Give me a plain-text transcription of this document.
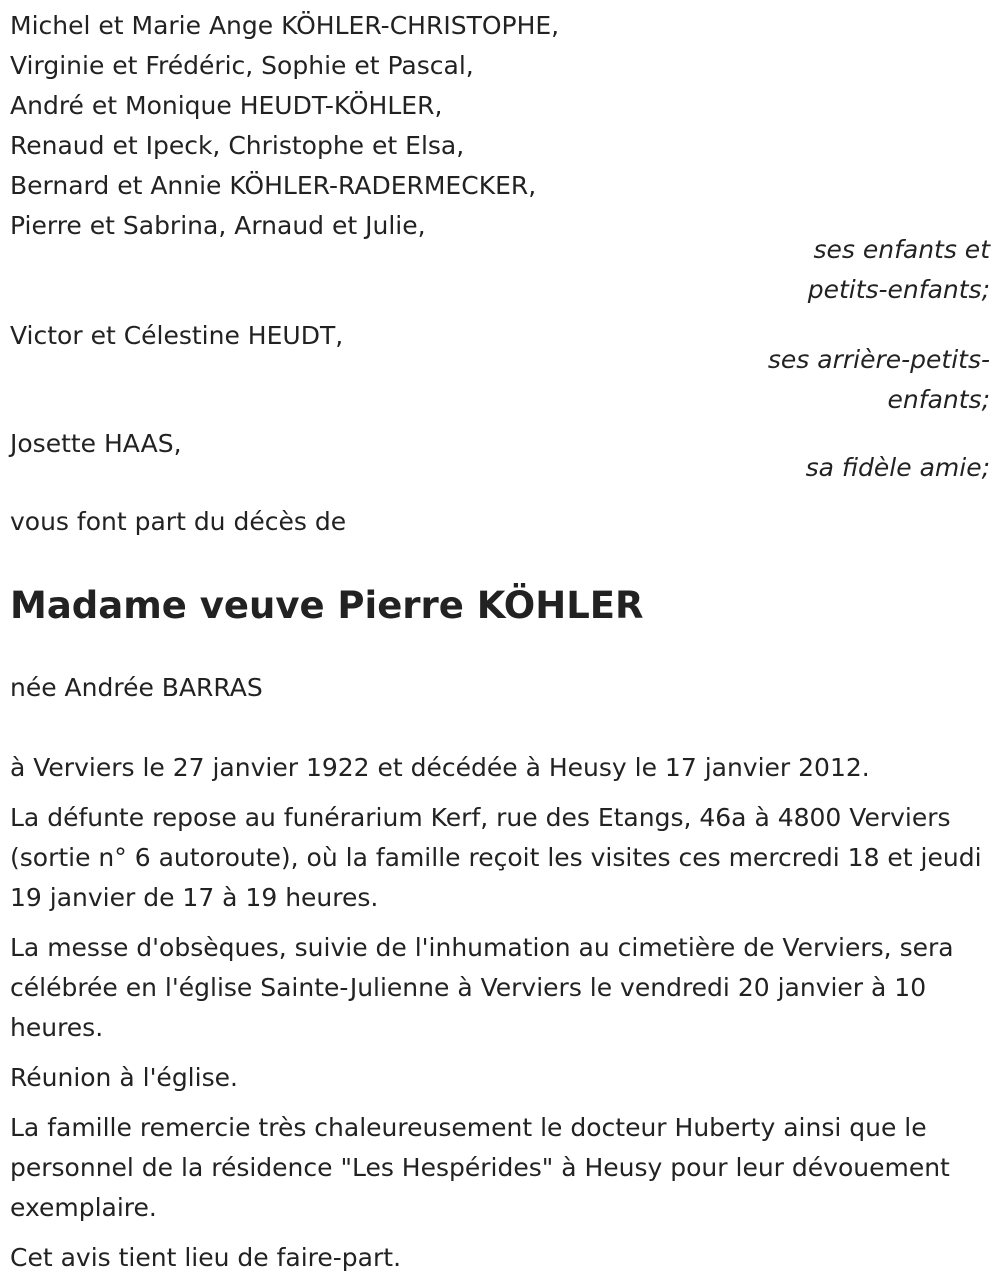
Michel et Marie Ange KÖHLER-CHRISTOPHE,
Virginie et Frédéric, Sophie et Pascal,
André et Monique HEUDT-KÖHLER,
Renaud et Ipeck, Christophe et Elsa,
Bernard et Annie KÖHLER-RADERMECKER,
Pierre et Sabrina, Arnaud et Julie,
ses enfants et
petits-enfants;
Victor et Célestine HEUDT,
ses arrière-petits-
enfants;
Josette HAAS,
sa fidèle amie;
vous font part du décès de
Madame veuve Pierre KÖHLER
née Andrée BARRAS

à Verviers le 27 janvier 1922 et décédée à Heusy le 17 janvier 2012.

La défunte repose au funérarium Kerf, rue des Etangs, 46a à 4800 Verviers (sortie n° 6 autoroute), où la famille reçoit les visites ces mercredi 18 et jeudi 19 janvier de 17 à 19 heures.

La messe d'obsèques, suivie de l'inhumation au cimetière de Verviers, sera célébrée en l'église Sainte-Julienne à Verviers le vendredi 20 janvier à 10 heures.

Réunion à l'église.

La famille remercie très chaleureusement le docteur Huberty ainsi que le personnel de la résidence "Les Hespérides" à Heusy pour leur dévouement exemplaire.

Cet avis tient lieu de faire-part.
